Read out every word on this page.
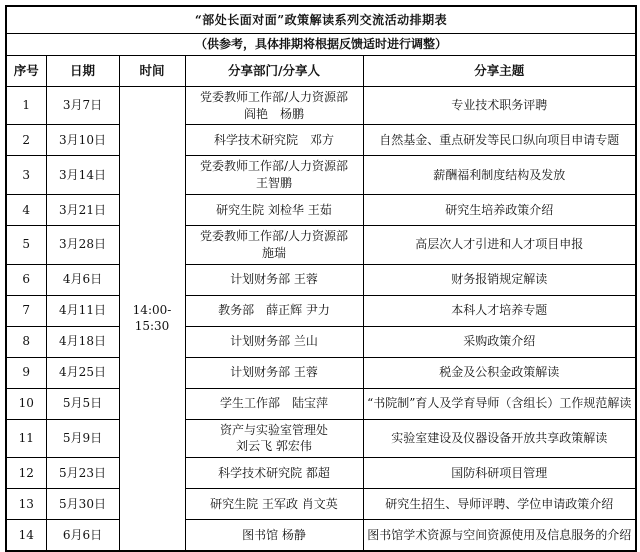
“部处长面对面”政策解读系列交流活动排期表				
（供参考，具体排期将根据反馈适时进行调整）				
序号	日期	时间	分享部门/分享人	分享主题
1	3月7日	14:00-15:30	党委教师工作部/人力资源部
阎艳　杨鹏	专业技术职务评聘
2	3月10日		科学技术研究院　邓方	自然基金、重点研发等民口纵向项目申请专题
3	3月14日		党委教师工作部/人力资源部
王智鹏	薪酬福利制度结构及发放
4	3月21日		研究生院 刘检华 王茹	研究生培养政策介绍
5	3月28日		党委教师工作部/人力资源部
施瑞	高层次人才引进和人才项目申报
6	4月6日		计划财务部 王蓉	财务报销规定解读
7	4月11日		教务部　薛正辉 尹力	本科人才培养专题
8	4月18日		计划财务部 兰山	采购政策介绍
9	4月25日		计划财务部 王蓉	税金及公积金政策解读
10	5月5日		学生工作部　陆宝萍	“书院制”育人及学育导师（含组长）工作规范解读
11	5月9日		资产与实验室管理处
刘云飞 郭宏伟	实验室建设及仪器设备开放共享政策解读
12	5月23日		科学技术研究院 都超	国防科研项目管理
13	5月30日		研究生院 王军政 肖文英	研究生招生、导师评聘、学位申请政策介绍
14	6月6日		图书馆 杨静	图书馆学术资源与空间资源使用及信息服务的介绍
